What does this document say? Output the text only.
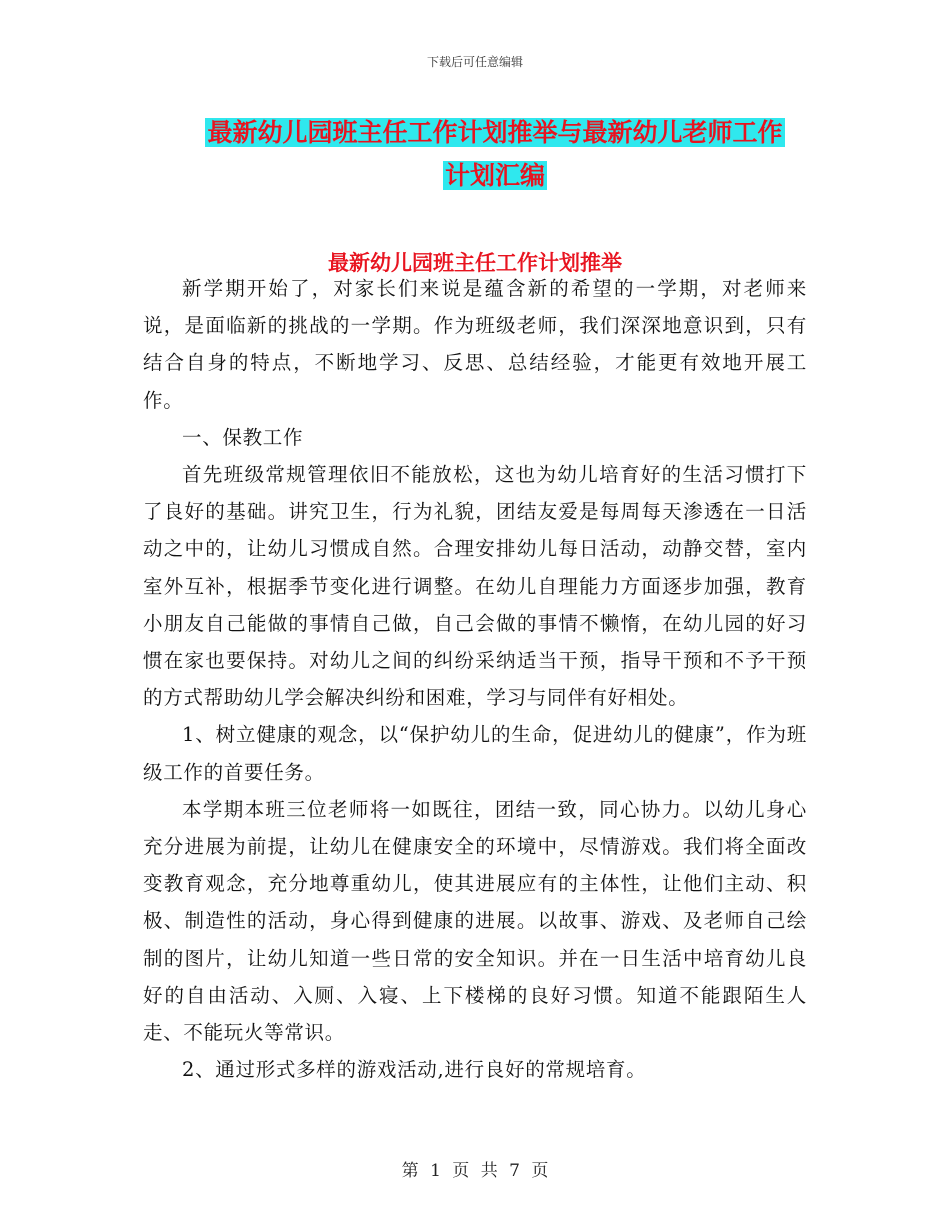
下载后可任意编辑
最新幼儿园班主任工作计划推举与最新幼儿老师工作
计划汇编
最新幼儿园班主任工作计划推举

新学期开始了，对家长们来说是蕴含新的希望的一学期，对老师来说，是面临新的挑战的一学期。作为班级老师，我们深深地意识到，只有结合自身的特点，不断地学习、反思、总结经验，才能更有效地开展工作。

一、保教工作

首先班级常规管理依旧不能放松，这也为幼儿培育好的生活习惯打下了良好的基础。讲究卫生，行为礼貌，团结友爱是每周每天渗透在一日活动之中的，让幼儿习惯成自然。合理安排幼儿每日活动，动静交替，室内室外互补，根据季节变化进行调整。在幼儿自理能力方面逐步加强，教育小朋友自己能做的事情自己做，自己会做的事情不懒惰，在幼儿园的好习惯在家也要保持。对幼儿之间的纠纷采纳适当干预，指导干预和不予干预的方式帮助幼儿学会解决纠纷和困难，学习与同伴有好相处。

1、树立健康的观念，以“保护幼儿的生命，促进幼儿的健康”，作为班级工作的首要任务。

本学期本班三位老师将一如既往，团结一致，同心协力。以幼儿身心充分进展为前提，让幼儿在健康安全的环境中，尽情游戏。我们将全面改变教育观念，充分地尊重幼儿，使其进展应有的主体性，让他们主动、积极、制造性的活动，身心得到健康的进展。以故事、游戏、及老师自己绘制的图片，让幼儿知道一些日常的安全知识。并在一日生活中培育幼儿良好的自由活动、入厕、入寝、上下楼梯的良好习惯。知道不能跟陌生人走、不能玩火等常识。

2、通过形式多样的游戏活动,进行良好的常规培育。

第 1 页 共 7 页
